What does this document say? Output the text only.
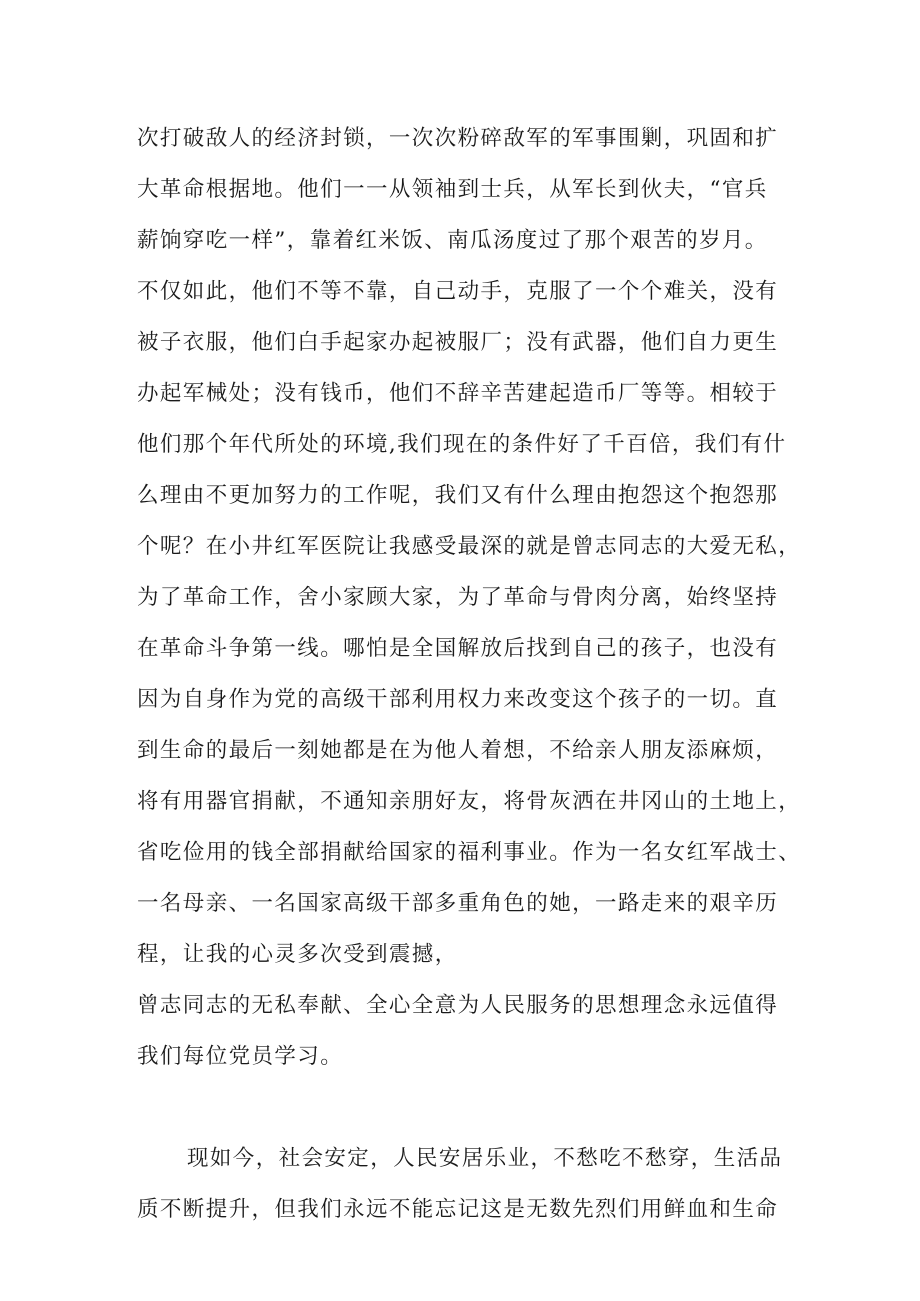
次打破敌人的经济封锁，一次次粉碎敌军的军事围剿，巩固和扩

大革命根据地。他们一一从领袖到士兵，从军长到伙夫，“官兵

薪饷穿吃一样”，靠着红米饭、南瓜汤度过了那个艰苦的岁月。

不仅如此，他们不等不靠，自己动手，克服了一个个难关，没有

被子衣服，他们白手起家办起被服厂；没有武器，他们自力更生

办起军械处；没有钱币，他们不辞辛苦建起造币厂等等。相较于

他们那个年代所处的环境,我们现在的条件好了千百倍，我们有什

么理由不更加努力的工作呢，我们又有什么理由抱怨这个抱怨那

个呢？在小井红军医院让我感受最深的就是曾志同志的大爱无私，

为了革命工作，舍小家顾大家，为了革命与骨肉分离，始终坚持

在革命斗争第一线。哪怕是全国解放后找到自己的孩子，也没有

因为自身作为党的高级干部利用权力来改变这个孩子的一切。直

到生命的最后一刻她都是在为他人着想，不给亲人朋友添麻烦，

将有用器官捐献，不通知亲朋好友，将骨灰洒在井冈山的土地上，

省吃俭用的钱全部捐献给国家的福利事业。作为一名女红军战士、

一名母亲、一名国家高级干部多重角色的她，一路走来的艰辛历

程，让我的心灵多次受到震撼，

曾志同志的无私奉献、全心全意为人民服务的思想理念永远值得

我们每位党员学习。

现如今，社会安定，人民安居乐业，不愁吃不愁穿，生活品

质不断提升，但我们永远不能忘记这是无数先烈们用鲜血和生命
